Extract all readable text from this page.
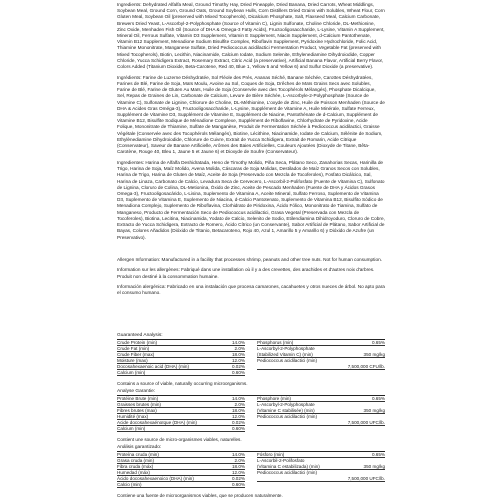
Ingredients: Dehydrated Alfalfa Meal, Ground Timothy Hay, Dried Pineapple, Dried Banana, Dried Carrots, Wheat Middlings, Soybean Meal, Ground Corn, Ground Oats, Ground Soybean Hulls, Corn Distillers Dried Grains with Solubles, Wheat Flour, Corn Gluten Meal, Soybean Oil (preserved with Mixed Tocopherols), Dicalcium Phosphate, Salt, Flaxseed Meal, Calcium Carbonate, Brewers Dried Yeast, L-Ascorbyl-2-Polyphosphate (Source of Vitamin C), Lignin Sulfonate, Choline Chloride, DL-Methionine, Zinc Oxide, Menhaden Fish Oil (Source of DHA & Omega-3 Fatty Acids), Fructooligosaccharide, L-Lysine, Vitamin A Supplement, Mineral Oil, Ferrous Sulfate, Vitamin D3 Supplement, Vitamin E Supplement, Niacin Supplement, d-Calcium Pantothenate, Vitamin B12 Supplement, Menadione Sodium Bisulfite Complex, Riboflavin Supplement, Pyridoxine Hydrochloride, Folic Acid, Thiamine Mononitrate, Manganese Sulfate, Dried Pediococcus acidilactici Fermentation Product, Vegetable Fat (preserved with Mixed Tocopherols), Biotin, Lecithin, Niacinamide, Calcium Iodate, Sodium Selenite, Ethylenediamine Dihydroiodide, Copper Chloride, Yucca Schidigera Extract, Rosemary Extract, Citric Acid (a preservative), Artificial Banana Flavor, Artificial Berry Flavor, Colors Added (Titanium Dioxide, Beta-Carotene, Red 40, Blue 1, Yellow 5 and Yellow 6) and Sulfur Dioxide (a preservative).

Ingrédients: Farine de Luzerne Déshydratée, Sol Fléole des Prés, Ananas Séché, Banane Séchée, Carottes Déshydratées, Farines de Blé, Farine de Soja, Maïs Moulu, Avoine au Sol, Coques de Soja, Drêches de Maïs Grains Secs avec Solubles, Farine de Blé, Farine de Gluten Au Maïs, Huile de Soja (Conservée avec des Tocophérols Mélangés), Phosphate Dicalcique, Sel, Repas de Graines de Lin, Carbonate de Calcium, Levure de Bière Séchée, L-Ascorbyle-2-Polyphosphate (Source de Vitamine C), Sulfonate de Lignine, Chlorure de Choline, DL-Méthionine, L'oxyde de Zinc, Huile de Poisson Menhaden (Source de DHA & Acides Gras Oméga-3), Fructooligosaccharide, L-Lysine, Supplément de Vitamine A, Huile Minérale, Sulfate Ferreux, Supplément de Vitamine D3, Supplément de Vitamine E, Supplément de Niacine, Pantothénate de d-Calcium, Supplément de Vitamine B12, Bisulfite Sodique de Ménadione Complexe, Supplément de Riboflavine, Chlorhydrate de Pyridoxine, Acide Folique, Mononitrate de Thiamine, Sulfate de Manganèse, Produit de Fermentation Séchée à Pediococcus acidilactici, Graisse Végétale (Conservée avec des Tocophérols Mélangés), Biotine, Lécithine, Niacinamide, Iodate de Calcium, Sélénite de Sodium, Ethylènediamine Dihydroiodide, Chlorure de Cuivre, Extrait de Yucca Schidigera, Extrait de Romarin, Acide Citrique (Conservateur), Saveur de Banane Artificielle, Arômes des Baies Artificielles, Couleurs Ajoutées (Dioxyde de Titane, Bêta-Carotène, Rouge 40, Bleu 1, Jaune 5 et Jaune 6) et Dioxyde de Soufre (Conservateur).

Ingredientes: Harina de Alfalfa Deshidratada, Heno de Timothy Molido, Piña Seca, Plátano Seco, Zanahorias Secas, Harinilla de Trigo, Harina de Soja, Maíz Molido, Avena Molida, Cáscaras de Soja Molidas, Destilados de Maíz Granos Secos con Solubles, Harina de Trigo, Harina de Gluten de Maíz, Aceite de Soja (Preservado con Mezcla de Tocoferoles), Fosfato Dicálcico, Sal, Harina de Linaza, Carbonato de Calcio, Levadura Seca de Cervecero, L-Ascorbil-2-Polifosfato (Fuente de Vitamina C), Sulfonato de Lignina, Cloruro de Colina, DL-Metionina, Óxido de Zinc, Aceite de Pescado Menhaden (Fuente de DHA y Ácidos Grasos Omega-3), Fructooligosacárido, L-Lisina, Suplemento de Vitamina A, Aceite Mineral, Sulfato Ferroso, Suplemento de Vitamina D3, Suplemento de Vitamina E, Suplemento de Niacina, d-Calcio Pantotenato, Suplemento de Vitamina B12, Bisulfito Sódico de Menadiona Complejo, Suplemento de Riboflavina, Clorhidrato de Piridoxina, Ácido Fólico, Mononitrato de Tiamina, Sulfato de Manganeso, Producto de Fermentación Seco de Pediococcus acidilactici, Grasa Vegetal (Preservada con Mezcla de Tocoferoles), Biotina, Lecitina, Niacinamida, Yodato de Calcio, Selenito de Sodio, Etilendiamina Dihidroyoduro, Cloruro de Cobre, Extracto de Yucca Schidigera, Extracto de Romero, Ácido Cítrico (un Conservante), Sabor Artificial de Plátano, Sabor Artificial de Bayas, Colores Añadidos (Dióxido de Titanio, Betacaroteno, Rojo 40, Azul 1, Amarillo 5 y Amarillo 6) y Dióxido de Azufre (un Preservativo).

Allergen Information: Manufactured in a facility that processes shrimp, peanuts and other tree nuts. Not for human consumption.

Information sur les allergènes: Fabriqué dans une installation où il y a des crevettes, des arachides et d'autres noix d'arbres. Produit non destiné à la consommation humaine.

Información alergénica: Fabricado en una instalación que procesa camarones, cacahuetes y otros nueces de árbol. No apto para el consumo humano.

Guaranteed Analysis:

Crude Protein (min)	14.0%
Crude Fat (min)	2.0%
Crude Fiber (max)	18.0%
Moisture (max)	12.0%
Docosahexaenoic acid (DHA) (min)	0.02%
Calcium (min)	0.60%
Phosphorus (min)	0.65%
L-Ascorbyl-2-Polyphosphate
(Stabilized Vitamin C) (min)	350 mg/kg
Pediococcus acidilactici (min)
7,500,000 CFU/lb.

Contains a source of viable, naturally occurring microorganisms.

Analyse Garantie:

Protéine Brute (min)	14.0%
Graisses brutes (min)	2.0%
Fibres brutes (max)	18.0%
Humidité (max)	12.0%
Acide docosahexaénoïque (DHA) (min)	0.02%
Calcium (min)	0.60%
Phosphore (min)	0.65%
L-Ascorbyl-2-Polyphosphate
(Vitamine C stabilisée) (min)	350 mg/kg
Pediococcus acidilactici (min)
7,500,000 UFC/lb.

Contient une source de micro-organismes viables, naturelles.

Análisis garantizado:

Proteína cruda (min)	14.0%
Grasa cruda (min)	2.0%
Fibra cruda (máx)	18.0%
Humedad (máx)	12.0%
Ácido docosahexaenoico (DHA) (min)	0.02%
Calcio (min)	0.60%
Fósforo (min)	0.65%
L-Ascorbil-2-Polifosfato
(Vitamina C estabilizada) (min)	350 mg/kg
Pediococcus acidilactici (min)
7,500,000 UFC/lb.

Contiene una fuente de microorganismos viables, que se producen naturalmente.
